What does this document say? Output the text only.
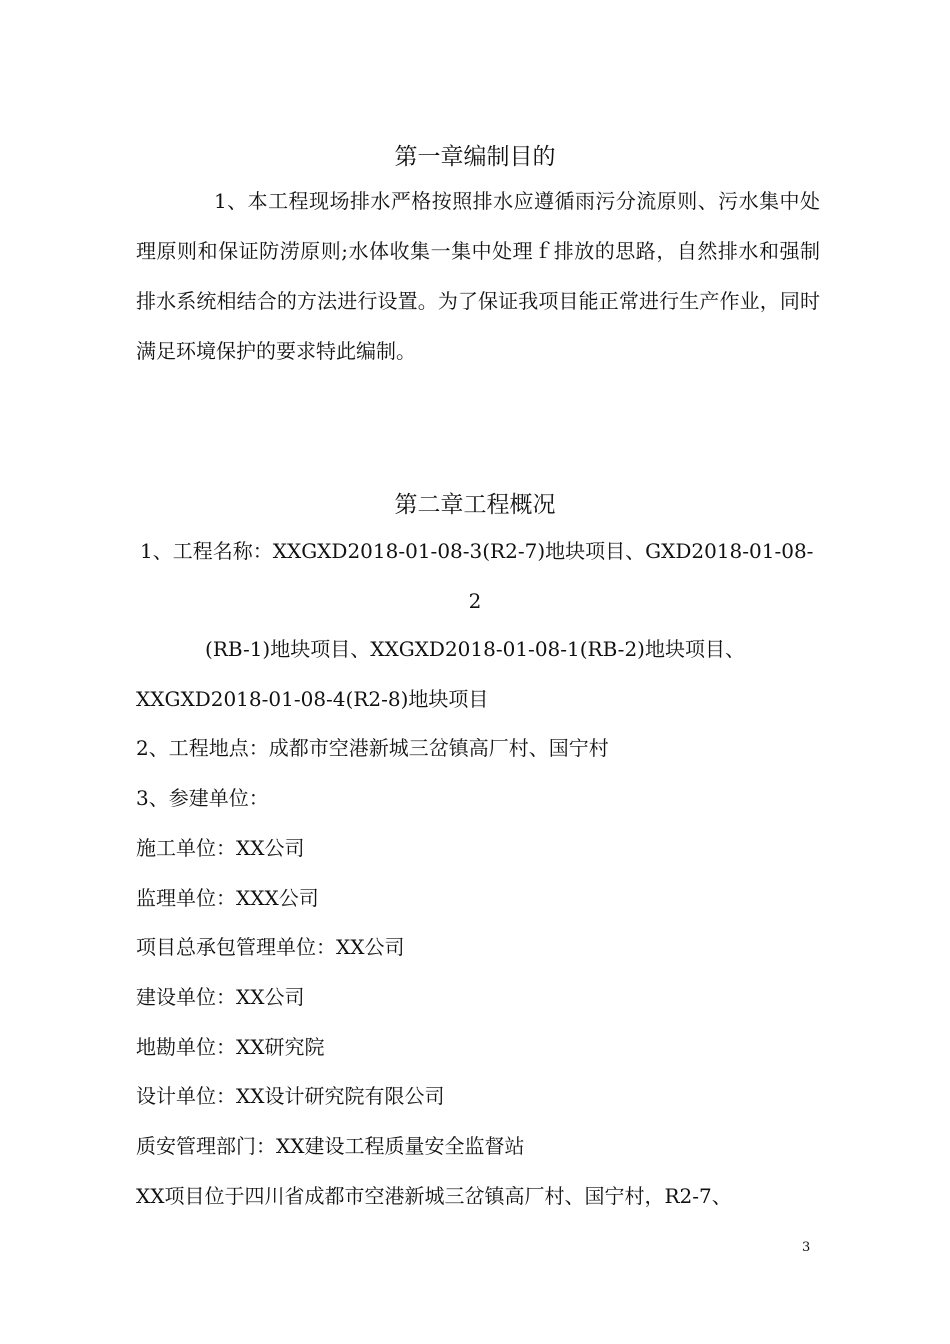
第一章编制目的
1、本工程现场排水严格按照排水应遵循雨污分流原则、污水集中处理原则和保证防涝原则;水体收集一集中处理ｆ排放的思路，自然排水和强制排水系统相结合的方法进行设置。为了保证我项目能正常进行生产作业，同时满足环境保护的要求特此编制。
第二章工程概况
1、工程名称：XXGXD2018-01-08-3(R2-7)地块项目、GXD2018-01-08-
2
(RB-1)地块项目、XXGXD2018-01-08-1(RB-2)地块项目、
XXGXD2018-01-08-4(R2-8)地块项目
2、工程地点：成都市空港新城三岔镇高厂村、国宁村
3、参建单位：
施工单位：XX公司
监理单位：XXX公司
项目总承包管理单位：XX公司
建设单位：XX公司
地勘单位：XX研究院
设计单位：XX设计研究院有限公司
质安管理部门：XX建设工程质量安全监督站
XX项目位于四川省成都市空港新城三岔镇高厂村、国宁村，R2-7、
3
